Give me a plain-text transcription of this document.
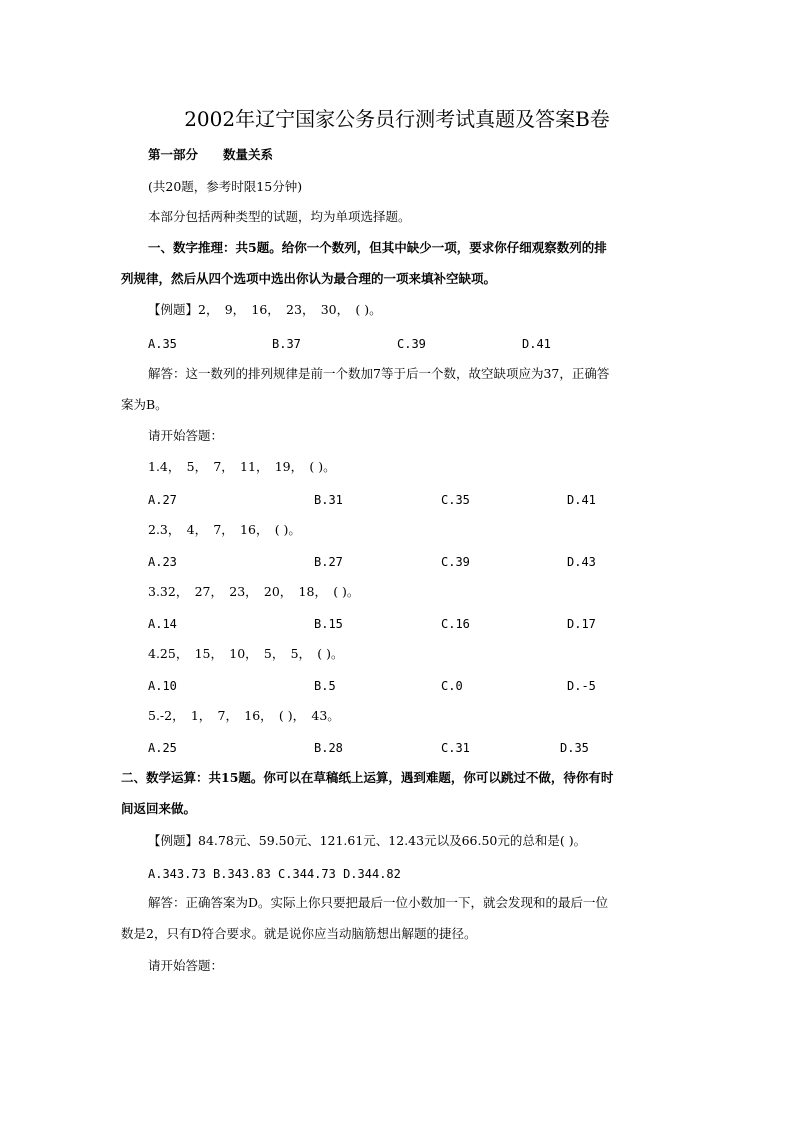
2002年辽宁国家公务员行测考试真题及答案B卷
第一部分　　数量关系
(共20题，参考时限15分钟)
本部分包括两种类型的试题，均为单项选择题。
一、数字推理：共5题。给你一个数列，但其中缺少一项，要求你仔细观察数列的排
列规律，然后从四个选项中选出你认为最合理的一项来填补空缺项。
【例题】2，　9，　16，　23，　30，　( )。
A.35	B.37	C.39	D.41
解答：这一数列的排列规律是前一个数加7等于后一个数，故空缺项应为37，正确答
案为B。
请开始答题：
1.4，　5，　7，　11，　19，　( )。
A.27	B.31	C.35	D.41
2.3，　4，　7，　16，　( )。
A.23	B.27	C.39	D.43
3.32，　27，　23，　20，　18，　( )。
A.14	B.15	C.16	D.17
4.25，　15，　10，　5，　5，　( )。
A.10	B.5	C.0	D.-5
5.-2，　1，　7，　16，　( )，　43。
A.25	B.28	C.31	D.35
二、数学运算：共15题。你可以在草稿纸上运算，遇到难题，你可以跳过不做，待你有时
间返回来做。
【例题】84.78元、59.50元、121.61元、12.43元以及66.50元的总和是( )。
A.343.73 B.343.83 C.344.73 D.344.82
解答：正确答案为D。实际上你只要把最后一位小数加一下，就会发现和的最后一位
数是2，只有D符合要求。就是说你应当动脑筋想出解题的捷径。
请开始答题：
